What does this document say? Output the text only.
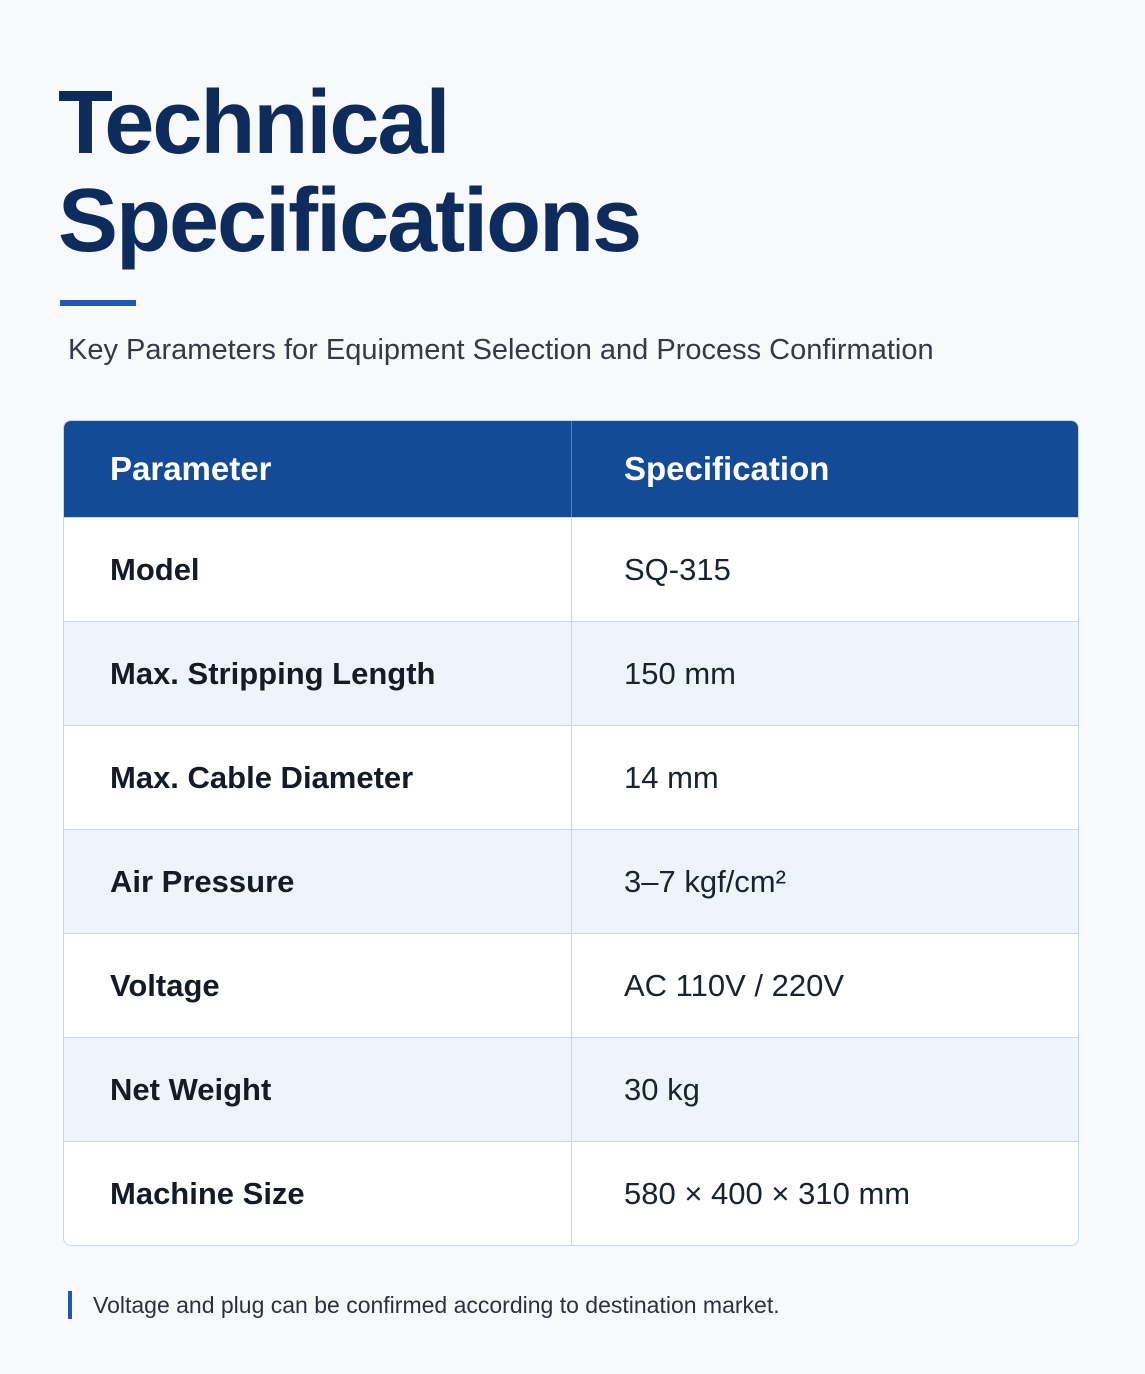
Technical
Specifications

Key Parameters for Equipment Selection and Process Confirmation

Parameter	Specification
Model	SQ-315
Max. Stripping Length	150 mm
Max. Cable Diameter	14 mm
Air Pressure	3–7 kgf/cm²
Voltage	AC 110V / 220V
Net Weight	30 kg
Machine Size	580 × 400 × 310 mm
Voltage and plug can be confirmed according to destination market.
